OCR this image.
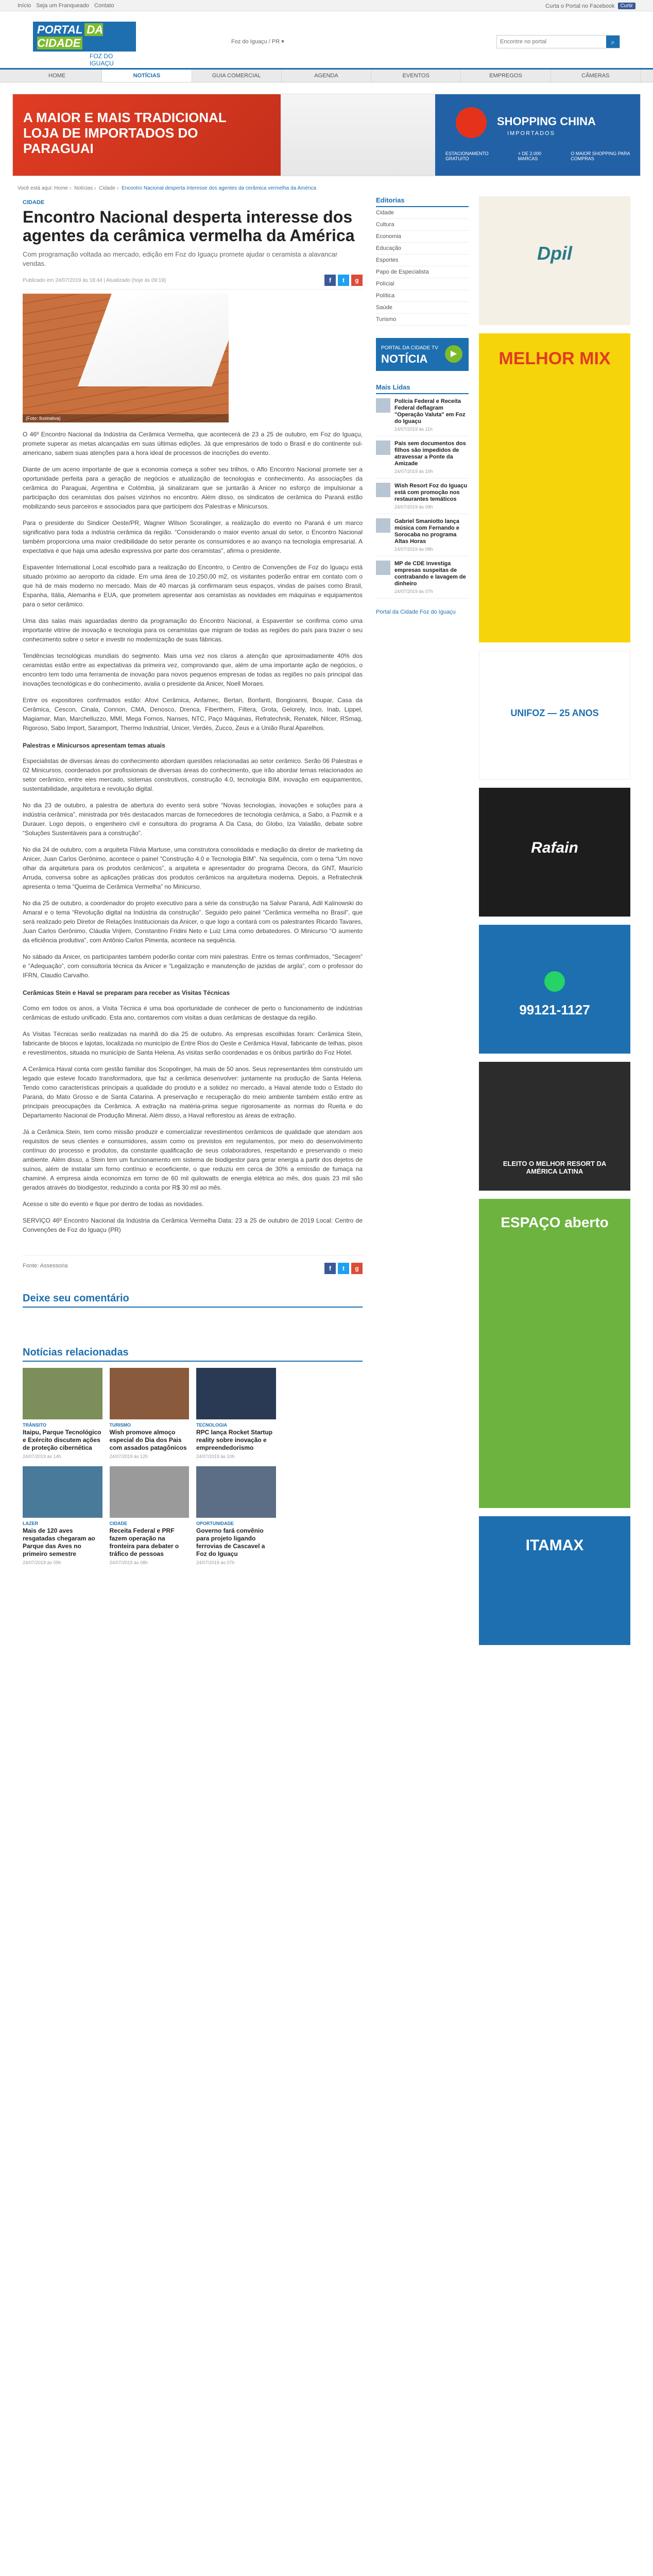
Início Seja um Franqueado Contato	Curta o Portal no Facebook	Curtir
PORTAL DA CIDADE
FOZ DO IGUAÇU
Foz do Iguaçu / PR ▾
Encontre no portal	⌕
HOME	NOTÍCIAS	GUIA COMERCIAL	AGENDA	EVENTOS	EMPREGOS	CÂMERAS
A MAIOR E MAIS TRADICIONAL LOJA DE IMPORTADOS DO PARAGUAI
SHOPPING CHINA
IMPORTADOS
ESTACIONAMENTO GRATUITO
+ DE 2.000 MARCAS
O MAIOR SHOPPING PARA COMPRAS
Você está aqui: Home › Notícias › Cidade › Encontro Nacional desperta interesse dos agentes da cerâmica vermelha da América
CIDADE
Encontro Nacional desperta interesse dos agentes da cerâmica vermelha da América

Com programação voltada ao mercado, edição em Foz do Iguaçu promete ajudar o ceramista a alavancar vendas.

Publicado em 24/07/2019 às 18:44 | Atualizado (hoje às 09:19)	f	t	g
(Foto: Ilustrativa)

O 46º Encontro Nacional da Indústria da Cerâmica Vermelha, que acontecerá de 23 a 25 de outubro, em Foz do Iguaçu, promete superar as metas alcançadas em suas últimas edições. Já que empresários de todo o Brasil e do continente sul-americano, sabem suas atenções para a hora ideal de processos de inscrições do evento.

Diante de um aceno importante de que a economia começa a sofrer seu trilhos, o Aflo Encontro Nacional promete ser a oportunidade perfeita para a geração de negócios e atualização de tecnologias e conhecimento. As associações da cerâmica do Paraguai, Argentina e Colômbia, já sinalizaram que se juntarão à Anicer no esforço de impulsionar a participação dos ceramistas dos países vizinhos no encontro. Além disso, os sindicatos de cerâmica do Paraná estão mobilizando seus parceiros e associados para que participem dos Palestras e Minicursos.

Para o presidente do Sindicer Oeste/PR, Wagner Wilson Scoralinger, a realização do evento no Paraná é um marco significativo para toda a indústria cerâmica da região. “Considerando o maior evento anual do setor, o Encontro Nacional também proporciona uma maior credibilidade do setor perante os consumidores e ao avanço na tecnologia empresarial. A expectativa é que haja uma adesão expressiva por parte dos ceramistas”, afirma o presidente.

Espaventer International Local escolhido para a realização do Encontro, o Centro de Convenções de Foz do Iguaçu está situado próximo ao aeroporto da cidade. Em uma área de 10.250,00 m2, os visitantes poderão entrar em contato com o que há de mais moderno no mercado. Mais de 40 marcas já confirmaram seus espaços, vindas de países como Brasil, Espanha, Itália, Alemanha e EUA, que prometem apresentar aos ceramistas as novidades em máquinas e equipamentos para o setor cerâmico.

Uma das salas mais aguardadas dentro da programação do Encontro Nacional, a Espaventer se confirma como uma importante vitrine de inovação e tecnologia para os ceramistas que migram de todas as regiões do país para trazer o seu conhecimento sobre o setor e investir no modernização de suas fábricas.

Tendências tecnológicas mundiais do segmento. Mais uma vez nos claros a atenção que aproximadamente 40% dos ceramistas estão entre as expectativas da primeira vez, comprovando que, além de uma importante ação de negócios, o encontro tem todo uma ferramenta de inovação para novos pequenos empresas de todas as regiões no país principal das inovações tecnológicas e do conhecimento, avalia o presidente da Anicer, Noell Moraes.

Entre os expositores confirmados estão: Afovi Cerâmica, Anfamec, Bertan, Bonfanti, Bongioanni, Boupar, Casa da Cerâmica, Cescon, Cinala, Connon, CMA, Denosco, Drenca, Fiberthern, Filtera, Grota, Gelorely, Inco, Inab, Lippel, Magiamar, Man, Marchelluzzo, MMI, Mega Fornos, Nanses, NTC, Paço Máquinas, Refratechnik, Renatek, Nilcer, RSmag, Rigoroso, Sabo Import, Saramport, Thermo Industrial, Unicer, Verdés, Zucco, Zeus e a União Rural Aparelhos.

Palestras e Minicursos apresentam temas atuais

Especialistas de diversas áreas do conhecimento abordam questões relacionadas ao setor cerâmico. Serão 06 Palestras e 02 Minicursos, coordenados por profissionais de diversas áreas do conhecimento, que irão abordar temas relacionados ao setor cerâmico, entre eles mercado, sistemas construtivos, construção 4.0, tecnologia BIM, inovação em equipamentos, sustentabilidade, arquitetura e revolução digital.

No dia 23 de outubro, a palestra de abertura do evento será sobre “Novas tecnologias, inovações e soluções para a indústria cerâmica”, ministrada por três destacados marcas de fornecedores de tecnologia cerâmica, a Sabo, a Pazmik e a Durauer. Logo depois, o engenheiro civil e consultora do programa A Da Casa, do Globo, Iza Valadão, debate sobre “Soluções Sustentáveis para a construção”.

No dia 24 de outubro, com a arquiteta Flávia Martuse, uma construtora consolidada e mediação da diretor de marketing da Anicer, Juan Carlos Gerônimo, acontece o painel “Construção 4.0 e Tecnologia BIM”. Na sequência, com o tema “Um novo olhar da arquitetura para os produtos cerâmicos”, a arquiteta e apresentador do programa Decora, da GNT, Maurício Arruda, conversa sobre as aplicações práticas dos produtos cerâmicos na arquitetura moderna. Depois, a Refratechnik apresenta o tema “Queima de Cerâmica Vermelha” no Minicurso.

No dia 25 de outubro, a coordenador do projeto executivo para a série da construção na Salvar Paraná, Adil Kalinowski do Amaral e o tema “Revolução digital na Indústria da construção”. Seguido pelo painel “Cerâmica vermelha no Brasil”, que será realizado pelo Diretor de Relações Institucionais da Anicer, o que logo a contará com os palestrantes Ricardo Tavares, Juan Carlos Gerônimo, Cláudia Vrijlem, Constantino Fridini Neto e Luiz Lima como debatedores. O Minicurso “O aumento da eficiência produtiva”, com Antônio Carlos Pimenta, acontece na sequência.

No sábado da Anicer, os participantes também poderão contar com mini palestras. Entre os temas confirmados, “Secagem” e “Adequação”, com consultoria técnica da Anicer e “Legalização e manutenção de jazidas de argila”, com o professor do IFRN, Claudio Carvalho.

Cerâmicas Stein e Haval se preparam para receber as Visitas Técnicas

Como em todos os anos, a Visita Técnica é uma boa oportunidade de conhecer de perto o funcionamento de indústrias cerâmicas de estudo unificado. Esta ano, contaremos com visitas a duas cerâmicas de destaque da região.

As Visitas Técnicas serão realizadas na manhã do dia 25 de outubro. As empresas escolhidas foram: Cerâmica Stein, fabricante de blocos e lajotas, localizada no município de Entre Rios do Oeste e Cerâmica Haval, fabricante de telhas, pisos e revestimentos, situada no município de Santa Helena. As visitas serão coordenadas e os ônibus partirão do Foz Hotel.

A Cerâmica Haval conta com gestão familiar dos Scopolinger, há mais de 50 anos. Seus representantes têm construído um legado que esteve focado transformadora, que faz a cerâmica desenvolver: juntamente na produção de Santa Helena. Tendo como características principais a qualidade do produto e a solidez no mercado, a Haval atende todo o Estado do Paraná, do Mato Grosso e de Santa Catarina. A preservação e recuperação do meio ambiente também estão entre as principais preocupações da Cerâmica. A extração na matéria-prima segue rigorosamente as normas do Rueita e do Departamento Nacional de Produção Mineral. Além disso, a Haval reflorestou as áreas de extração.

Já a Cerâmica Stein, tem como missão produzir e comercializar revestimentos cerâmicos de qualidade que atendam aos requisitos de seus clientes e consumidores, assim como os previstos em regulamentos, por meio do desenvolvimento contínuo do processo e produtos, da constante qualificação de seus colaboradores, respeitando e preservando o meio ambiente. Além disso, a Stein tem um funcionamento em sistema de biodigestor para gerar energia a partir dos dejetos de suínos, além de instalar um forno contínuo e ecoeficiente, o que reduziu em cerca de 30% a emissão de fumaça na chaminé. A empresa ainda economiza em torno de 60 mil quilowatts de energia elétrica ao mês, dos quais 23 mil são gerados através do biodigestor, reduzindo a conta por R$ 30 mil ao mês.

Acesse o site do evento e fique por dentro de todas as novidades.

SERVIÇO 46º Encontro Nacional da Indústria da Cerâmica Vermelha Data: 23 a 25 de outubro de 2019 Local: Centro de Convenções de Foz do Iguaçu (PR)

Fonte: Assessoria	f	t	g
Deixe seu comentário
Notícias relacionadas
TRÂNSITO
Itaipu, Parque Tecnológico e Exército discutem ações de proteção cibernética
24/07/2019 às 14h
TURISMO
Wish promove almoço especial do Dia dos Pais com assados patagônicos
24/07/2019 às 12h
TECNOLOGIA
RPC lança Rocket Startup reality sobre inovação e empreendedorismo
24/07/2019 às 10h
LAZER
Mais de 120 aves resgatadas chegaram ao Parque das Aves no primeiro semestre
24/07/2019 às 09h
CIDADE
Receita Federal e PRF fazem operação na fronteira para debater o tráfico de pessoas
24/07/2019 às 08h
OPORTUNIDADE
Governo fará convênio para projeto ligando ferrovias de Cascavel a Foz do Iguaçu
24/07/2019 às 07h
Editorias
Cidade
Cultura
Economia
Educação
Esportes
Papo de Especialista
Polícial
Política
Saúde
Turismo
PORTAL DA CIDADE TV
NOTÍCIA	▶
Mais Lidas
Polícia Federal e Receita Federal deflagram "Operação Valuta" em Foz do Iguaçu
24/07/2019 às 11h
Pais sem documentos dos filhos são impedidos de atravessar a Ponte da Amizade
24/07/2019 às 10h
Wish Resort Foz do Iguaçu está com promoção nos restaurantes temáticos
24/07/2019 às 09h
Gabriel Smaniotto lança música com Fernando e Sorocaba no programa Altas Horas
24/07/2019 às 08h
MP de CDE investiga empresas suspeitas de contrabando e lavagem de dinheiro
24/07/2019 às 07h
Portal da Cidade Foz do Iguaçu
Dpil
MELHOR MIX
UNIFOZ — 25 ANOS
Rafain
99121-1127
ELEITO O MELHOR RESORT DA AMÉRICA LATINA
ESPAÇO aberto
ITAMAX
